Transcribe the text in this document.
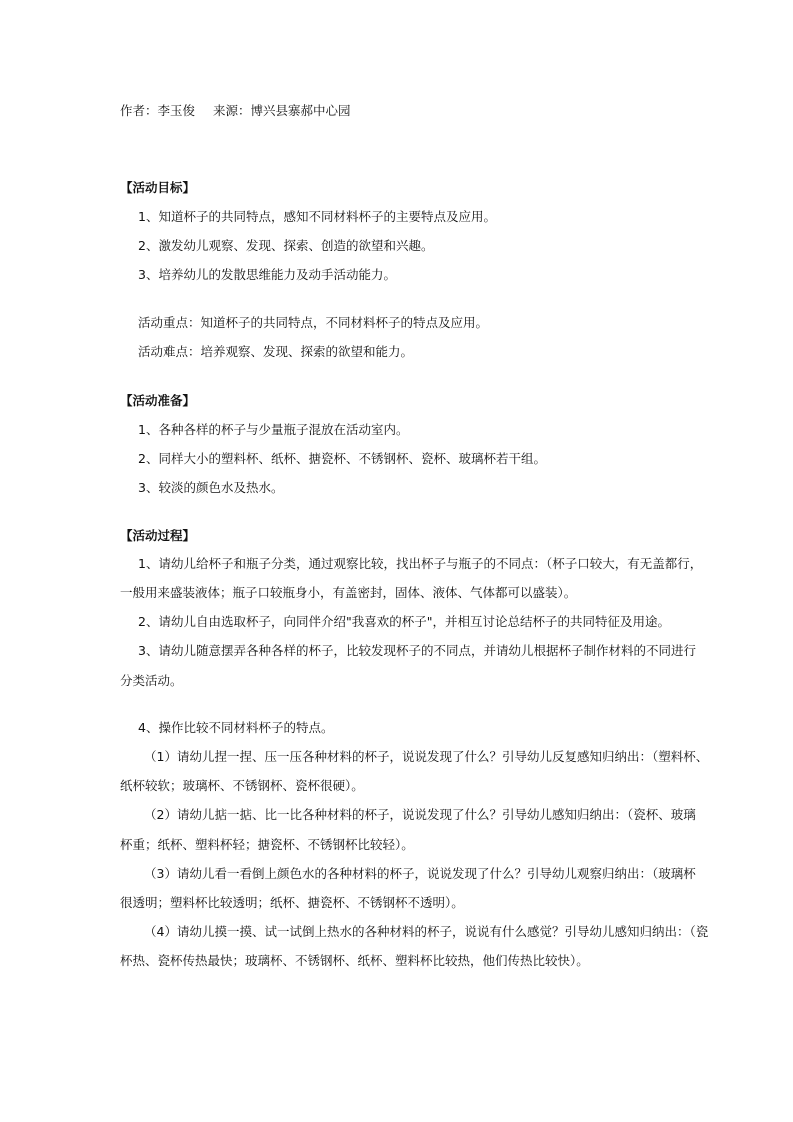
作者：李玉俊 来源：博兴县寨郝中心园
【活动目标】
1、知道杯子的共同特点，感知不同材料杯子的主要特点及应用。
2、激发幼儿观察、发现、探索、创造的欲望和兴趣。
3、培养幼儿的发散思维能力及动手活动能力。
活动重点：知道杯子的共同特点，不同材料杯子的特点及应用。
活动难点：培养观察、发现、探索的欲望和能力。
【活动准备】
1、各种各样的杯子与少量瓶子混放在活动室内。
2、同样大小的塑料杯、纸杯、搪瓷杯、不锈钢杯、瓷杯、玻璃杯若干组。
3、较淡的颜色水及热水。
【活动过程】
1、请幼儿给杯子和瓶子分类，通过观察比较，找出杯子与瓶子的不同点：（杯子口较大，有无盖都行，
一般用来盛装液体；瓶子口较瓶身小，有盖密封，固体、液体、气体都可以盛装）。
2、请幼儿自由选取杯子，向同伴介绍"我喜欢的杯子"，并相互讨论总结杯子的共同特征及用途。
3、请幼儿随意摆弄各种各样的杯子，比较发现杯子的不同点，并请幼儿根据杯子制作材料的不同进行
分类活动。
4、操作比较不同材料杯子的特点。
（1）请幼儿捏一捏、压一压各种材料的杯子，说说发现了什么？引导幼儿反复感知归纳出：（塑料杯、
纸杯较软；玻璃杯、不锈钢杯、瓷杯很硬）。
（2）请幼儿掂一掂、比一比各种材料的杯子，说说发现了什么？引导幼儿感知归纳出：（瓷杯、玻璃
杯重；纸杯、塑料杯轻；搪瓷杯、不锈钢杯比较轻）。
（3）请幼儿看一看倒上颜色水的各种材料的杯子，说说发现了什么？引导幼儿观察归纳出：（玻璃杯
很透明；塑料杯比较透明；纸杯、搪瓷杯、不锈钢杯不透明）。
（4）请幼儿摸一摸、试一试倒上热水的各种材料的杯子，说说有什么感觉？引导幼儿感知归纳出：（瓷
杯热、瓷杯传热最快；玻璃杯、不锈钢杯、纸杯、塑料杯比较热，他们传热比较快）。
